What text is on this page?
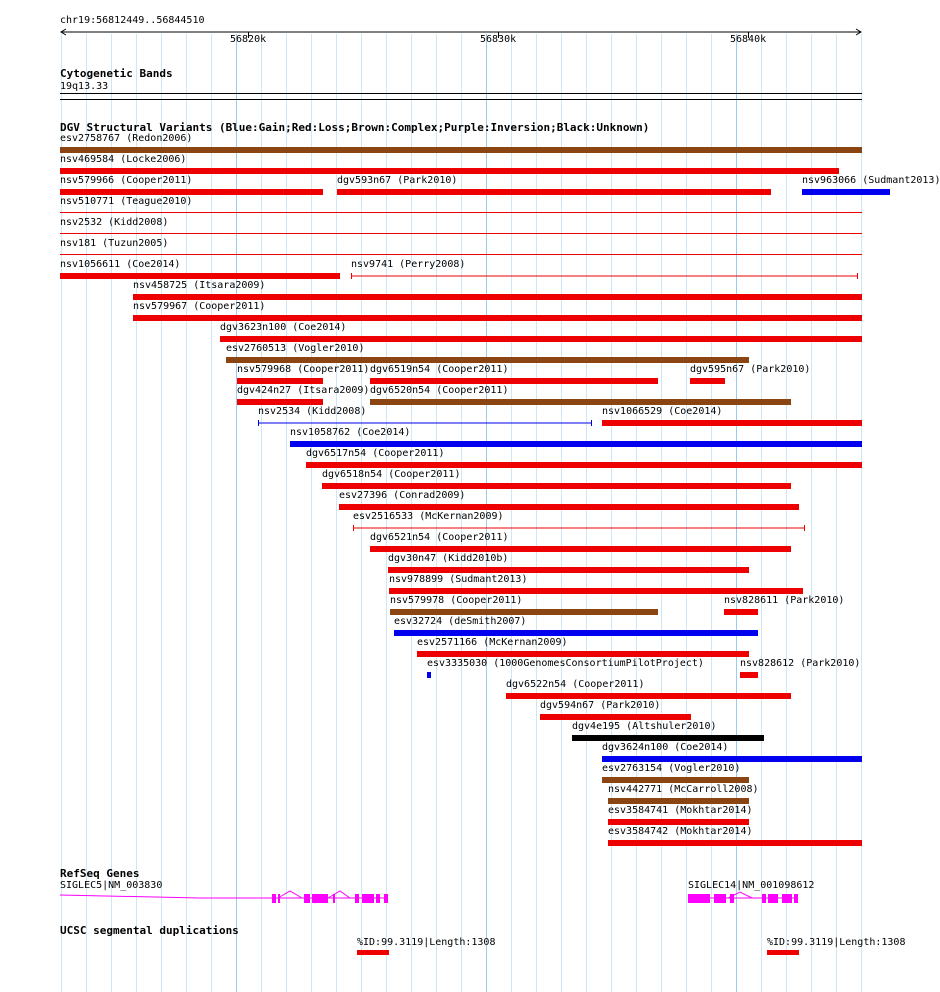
chr19:56812449..56844510
56820k	56830k	56840k
Cytogenetic Bands
19q13.33
DGV Structural Variants (Blue:Gain;Red:Loss;Brown:Complex;Purple:Inversion;Black:Unknown)
esv2758767 (Redon2006)
nsv469584 (Locke2006)
nsv579966 (Cooper2011)	dgv593n67 (Park2010)	nsv963066 (Sudmant2013)
nsv510771 (Teague2010)
nsv2532 (Kidd2008)
nsv181 (Tuzun2005)
nsv1056611 (Coe2014)	nsv9741 (Perry2008)
nsv458725 (Itsara2009)
nsv579967 (Cooper2011)
dgv3623n100 (Coe2014)
esv2760513 (Vogler2010)
nsv579968 (Cooper2011) dgv6519n54 (Cooper2011)	dgv595n67 (Park2010)
dgv424n27 (Itsara2009) dgv6520n54 (Cooper2011)
nsv2534 (Kidd2008)	nsv1066529 (Coe2014)
nsv1058762 (Coe2014)
dgv6517n54 (Cooper2011)
dgv6518n54 (Cooper2011)
esv27396 (Conrad2009)
esv2516533 (McKernan2009)
dgv6521n54 (Cooper2011)
dgv30n47 (Kidd2010b)
nsv978899 (Sudmant2013)
nsv579978 (Cooper2011)	nsv828611 (Park2010)
esv32724 (deSmith2007)
esv2571166 (McKernan2009)
esv3335030 (1000GenomesConsortiumPilotProject)	nsv828612 (Park2010)
dgv6522n54 (Cooper2011)
dgv594n67 (Park2010)
dgv4e195 (Altshuler2010)
dgv3624n100 (Coe2014)
esv2763154 (Vogler2010)
nsv442771 (McCarroll2008)
esv3584741 (Mokhtar2014)
esv3584742 (Mokhtar2014)
RefSeq Genes
SIGLEC5|NM_003830	SIGLEC14|NM_001098612
UCSC segmental duplications
%ID:99.3119|Length:1308	%ID:99.3119|Length:1308
